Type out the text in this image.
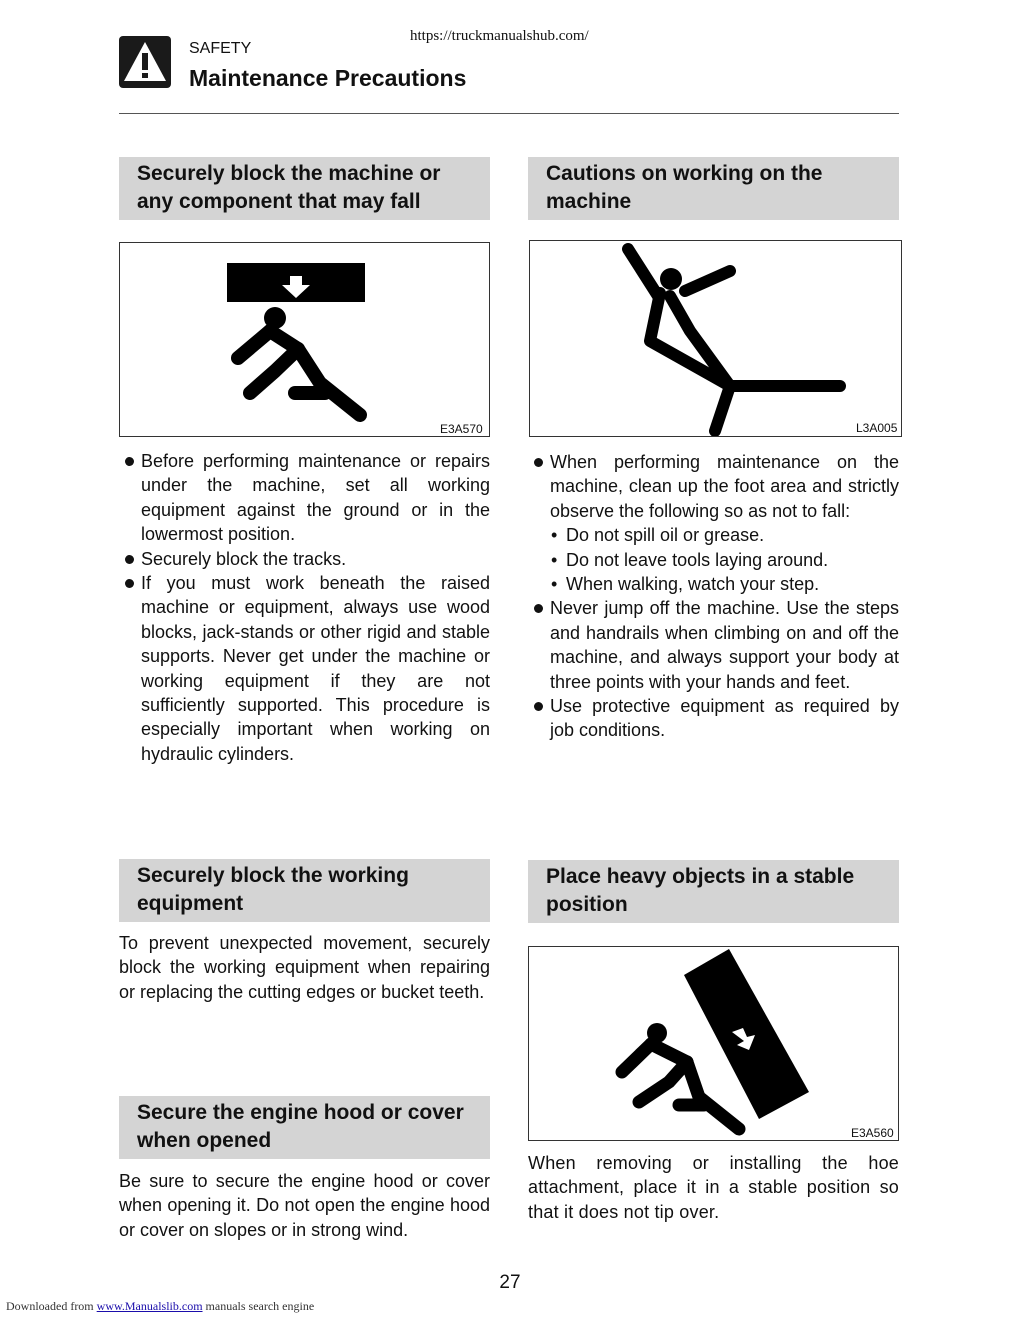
https://truckmanualshub.com/
SAFETY
Maintenance Precautions
Securely block the machine or
any component that may fall
E3A570
Before performing maintenance or repairs under the machine, set all working equipment against the ground or in the lowermost position.
Securely block the tracks.
If you must work beneath the raised machine or equipment, always use wood blocks, jack-stands or other rigid and stable supports. Never get under the machine or working equipment if they are not sufficiently supported. This procedure is especially important when working on hydraulic cylinders.
Cautions on working on the
machine
L3A005
When performing maintenance on the machine, clean up the foot area and strictly observe the following so as not to fall:
• Do not spill oil or grease.
• Do not leave tools laying around.
• When walking, watch your step.
Never jump off the machine. Use the steps and handrails when climbing on and off the machine, and always support your body at three points with your hands and feet.
Use protective equipment as required by job conditions.
Securely block the working
equipment
To prevent unexpected movement, securely block the working equipment when repairing or replacing the cutting edges or bucket teeth.
Secure the engine hood or cover
when opened
Be sure to secure the engine hood or cover when opening it. Do not open the engine hood or cover on slopes or in strong wind.
Place heavy objects in a stable
position
E3A560
When removing or installing the hoe attachment, place it in a stable position so that it does not tip over.
27
Downloaded from www.Manualslib.com manuals search engine
